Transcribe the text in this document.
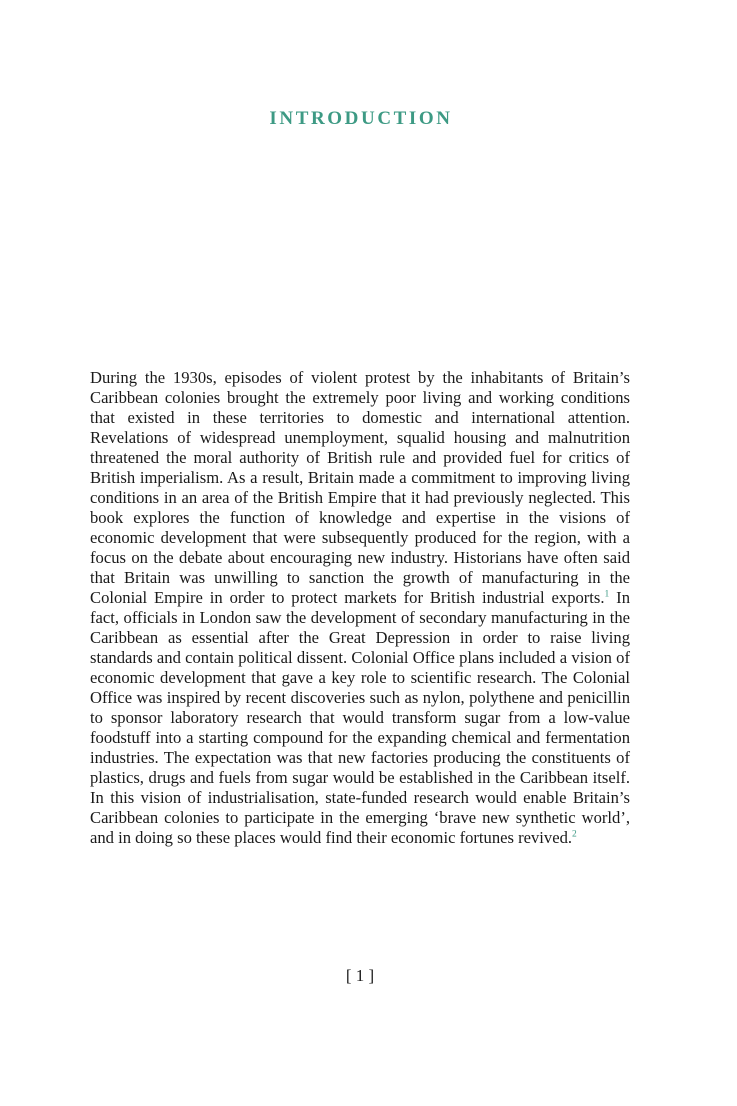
INTRODUCTION

During the 1930s, episodes of violent protest by the inhabitants of Britain’s Caribbean colonies brought the extremely poor living and working conditions that existed in these territories to domestic and international attention. Revelations of widespread unemployment, squalid housing and malnutrition threatened the moral authority of British rule and provided fuel for critics of British imperialism. As a result, Britain made a commitment to improving living conditions in an area of the British Empire that it had previously neglected. This book explores the function of knowledge and expertise in the visions of economic development that were subsequently produced for the region, with a focus on the debate about encouraging new industry. Historians have often said that Britain was unwilling to sanction the growth of manufacturing in the Colonial Empire in order to protect markets for British industrial exports.$^1$ In fact, officials in London saw the development of secondary manufacturing in the Caribbean as essential after the Great Depression in order to raise living standards and contain political dissent. Colonial Office plans included a vision of economic development that gave a key role to scientific research. The Colonial Office was inspired by recent discoveries such as nylon, polythene and penicillin to sponsor laboratory research that would transform sugar from a low-value foodstuff into a starting compound for the expanding chemical and fermentation industries. The expectation was that new factories producing the constituents of plastics, drugs and fuels from sugar would be established in the Caribbean itself. In this vision of industrialisation, state-funded research would enable Britain’s Caribbean colonies to participate in the emerging ‘brave new synthetic world’, and in doing so these places would find their economic fortunes revived.$^2$

[ 1 ]
